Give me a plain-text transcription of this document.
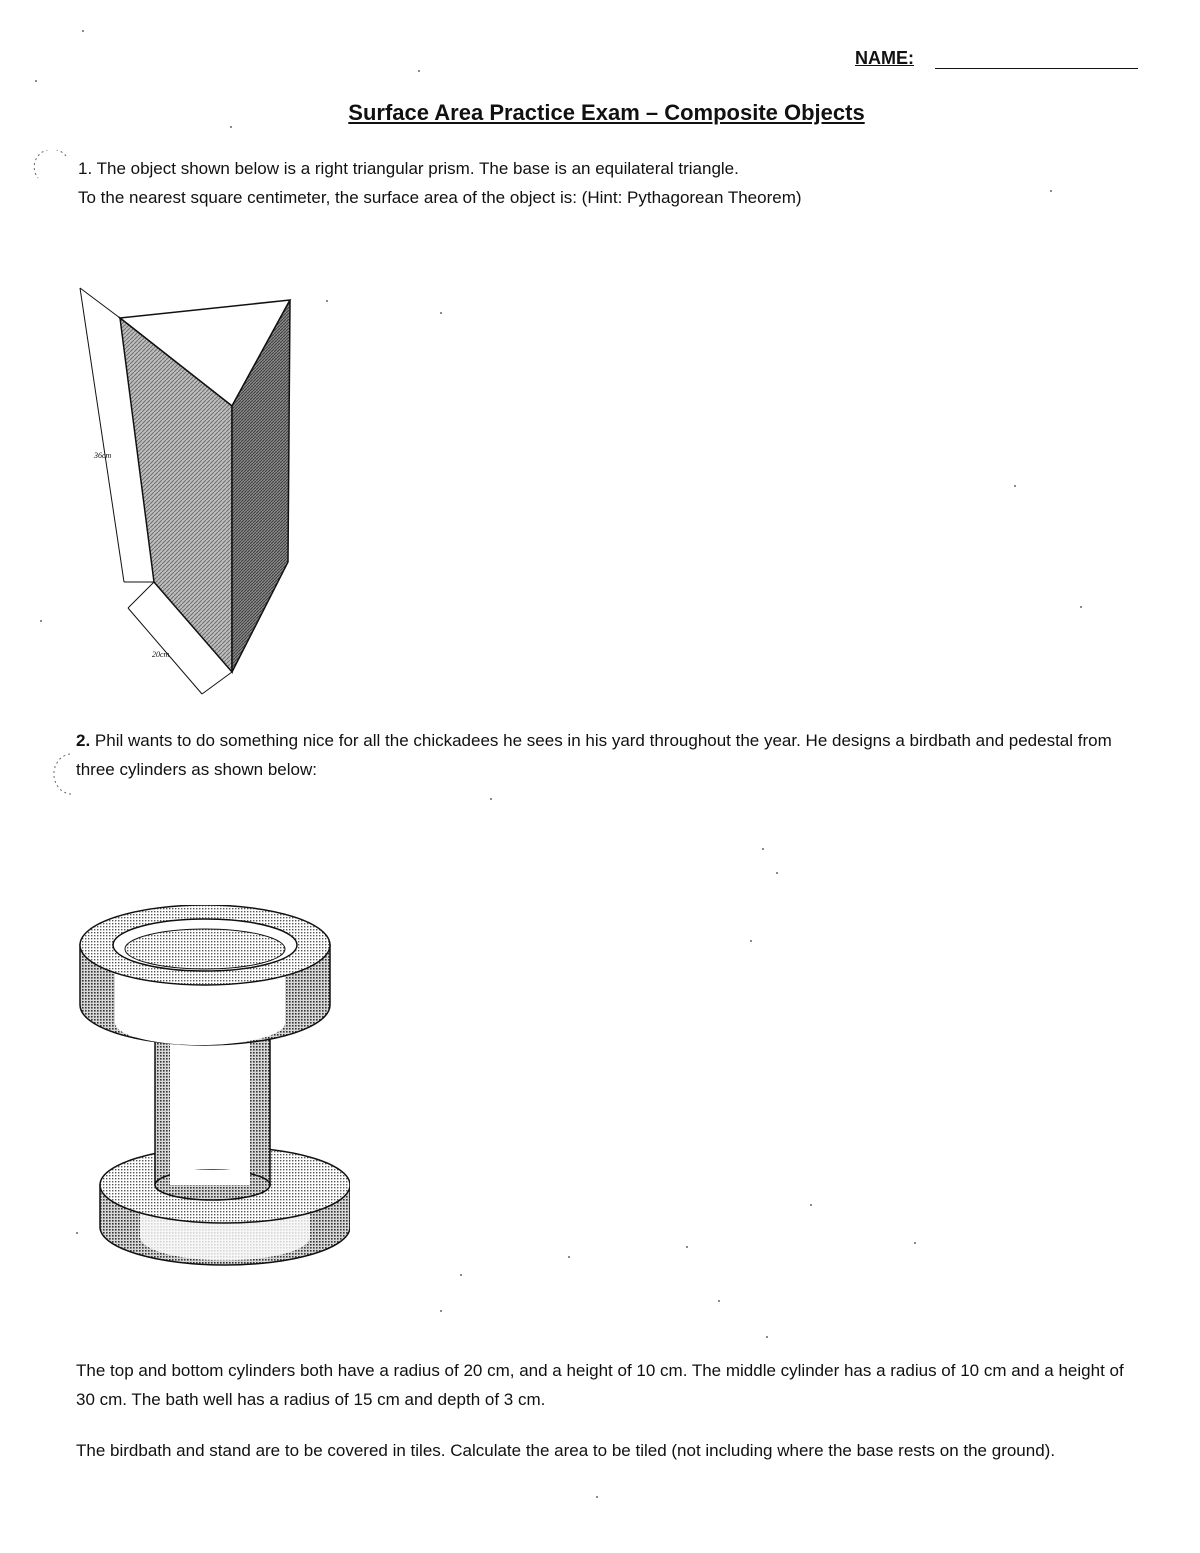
NAME:
Surface Area Practice Exam – Composite Objects

1. The object shown below is a right triangular prism. The base is an equilateral triangle.

To the nearest square centimeter, the surface area of the object is: (Hint: Pythagorean Theorem)

36cm
20cm

2. Phil wants to do something nice for all the chickadees he sees in his yard throughout the year. He designs a birdbath and pedestal from three cylinders as shown below:

The top and bottom cylinders both have a radius of 20 cm, and a height of 10 cm. The middle cylinder has a radius of 10 cm and a height of 30 cm. The bath well has a radius of 15 cm and depth of 3 cm.
The birdbath and stand are to be covered in tiles. Calculate the area to be tiled (not including where the base rests on the ground).
